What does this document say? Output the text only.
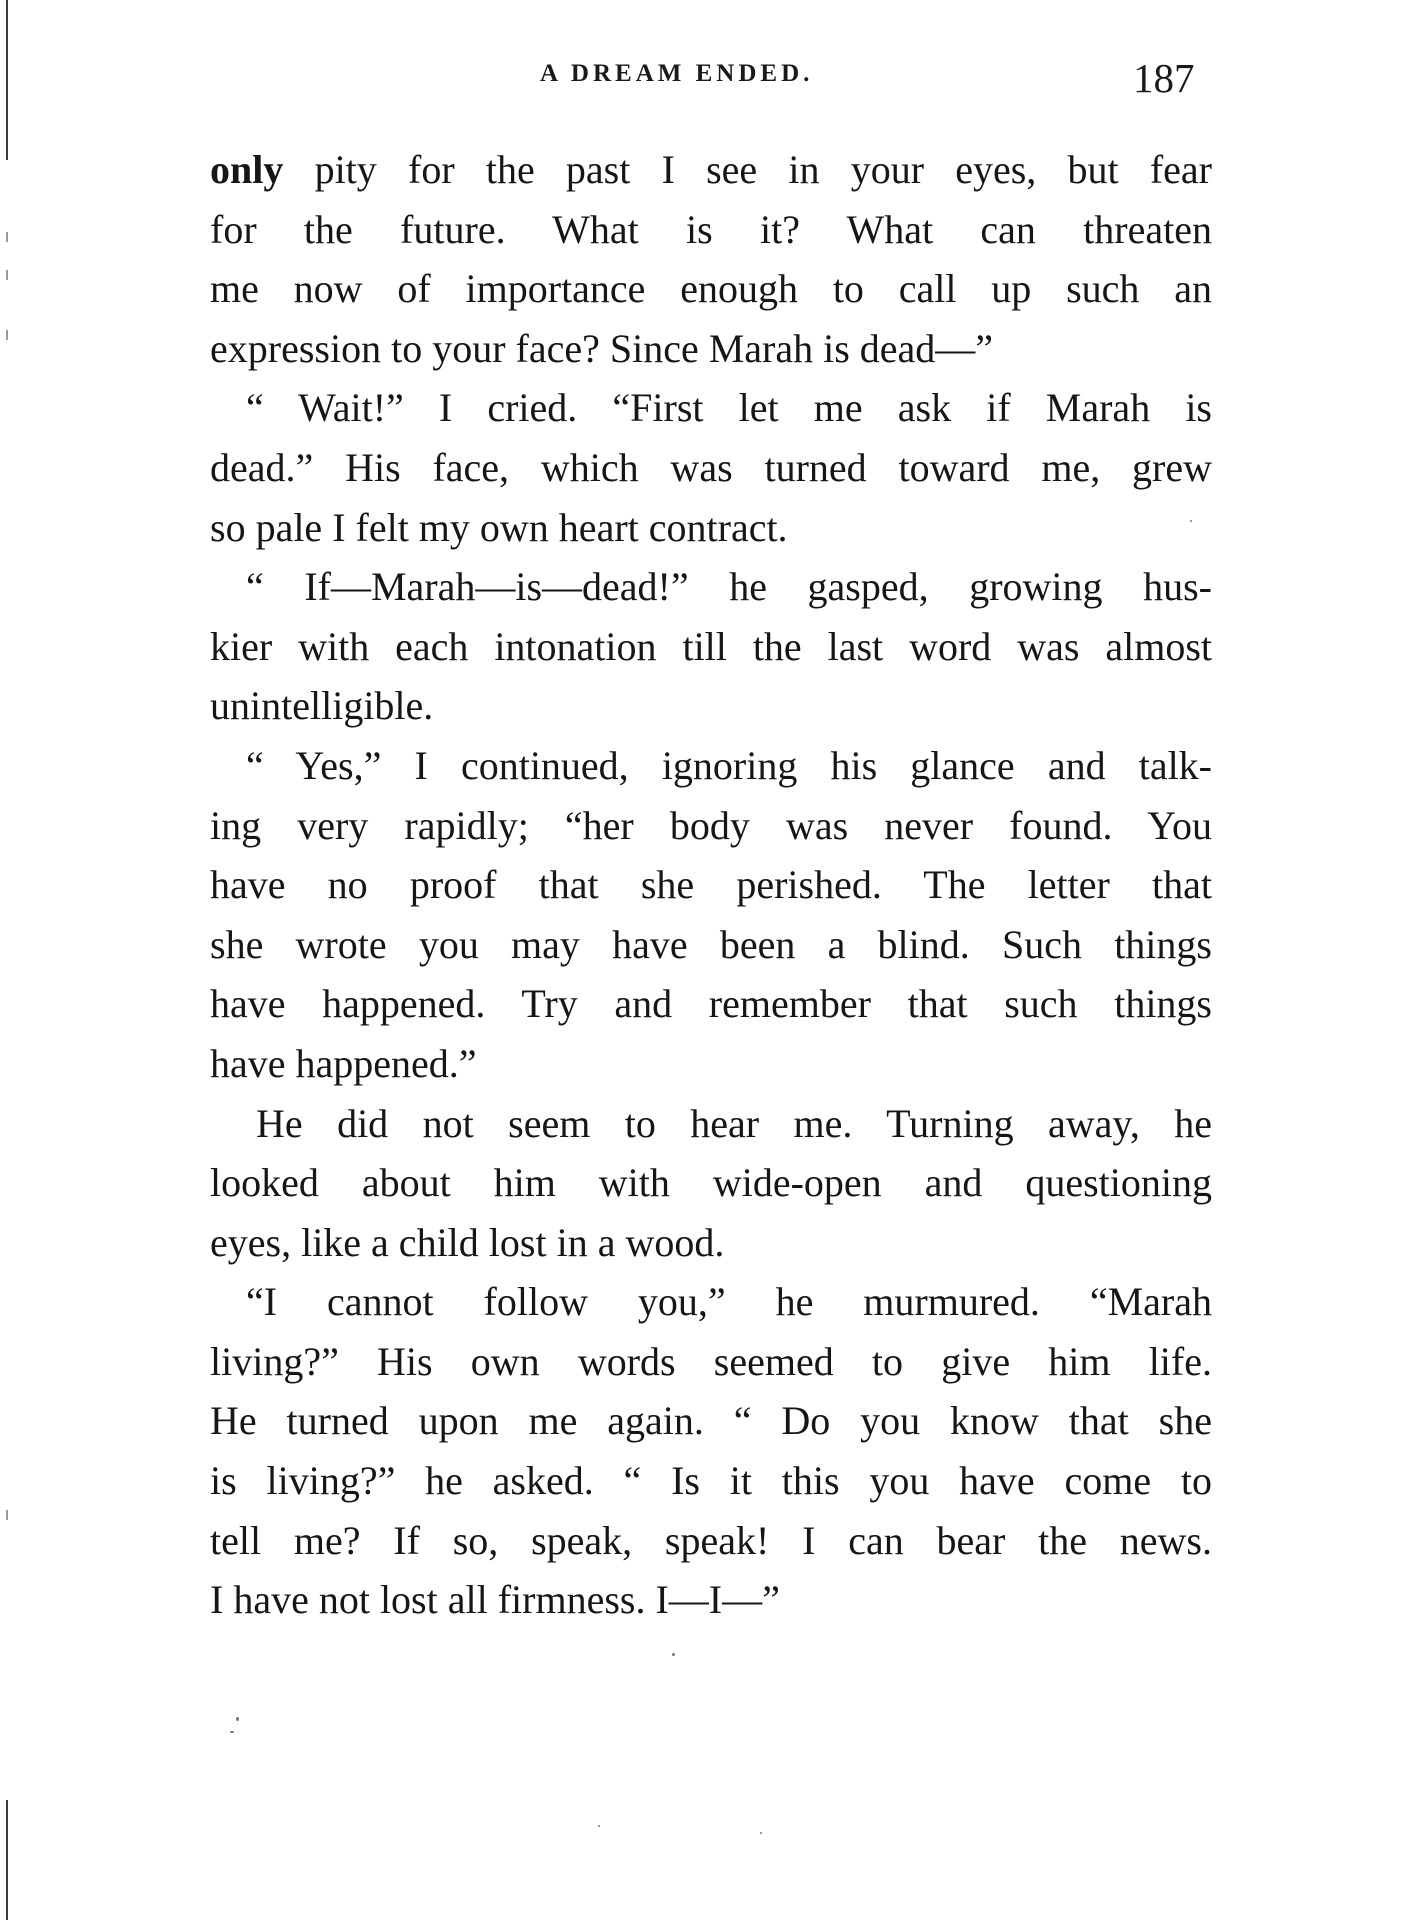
A DREAM ENDED.	187
only pity for the past I see in your eyes, but fear
for the future. What is it? What can threaten
me now of importance enough to call up such an
expression to your face? Since Marah is dead—”
“ Wait!” I cried. “First let me ask if Marah is
dead.” His face, which was turned toward me, grew
so pale I felt my own heart contract.
“ If—Marah—is—dead!” he gasped, growing hus-
kier with each intonation till the last word was almost
unintelligible.
“ Yes,” I continued, ignoring his glance and talk-
ing very rapidly; “her body was never found. You
have no proof that she perished. The letter that
she wrote you may have been a blind. Such things
have happened. Try and remember that such things
have happened.”
He did not seem to hear me. Turning away, he
looked about him with wide-open and questioning
eyes, like a child lost in a wood.
“I cannot follow you,” he murmured. “Marah
living?” His own words seemed to give him life.
He turned upon me again. “ Do you know that she
is living?” he asked. “ Is it this you have come to
tell me? If so, speak, speak! I can bear the news.
I have not lost all firmness. I—I—”
